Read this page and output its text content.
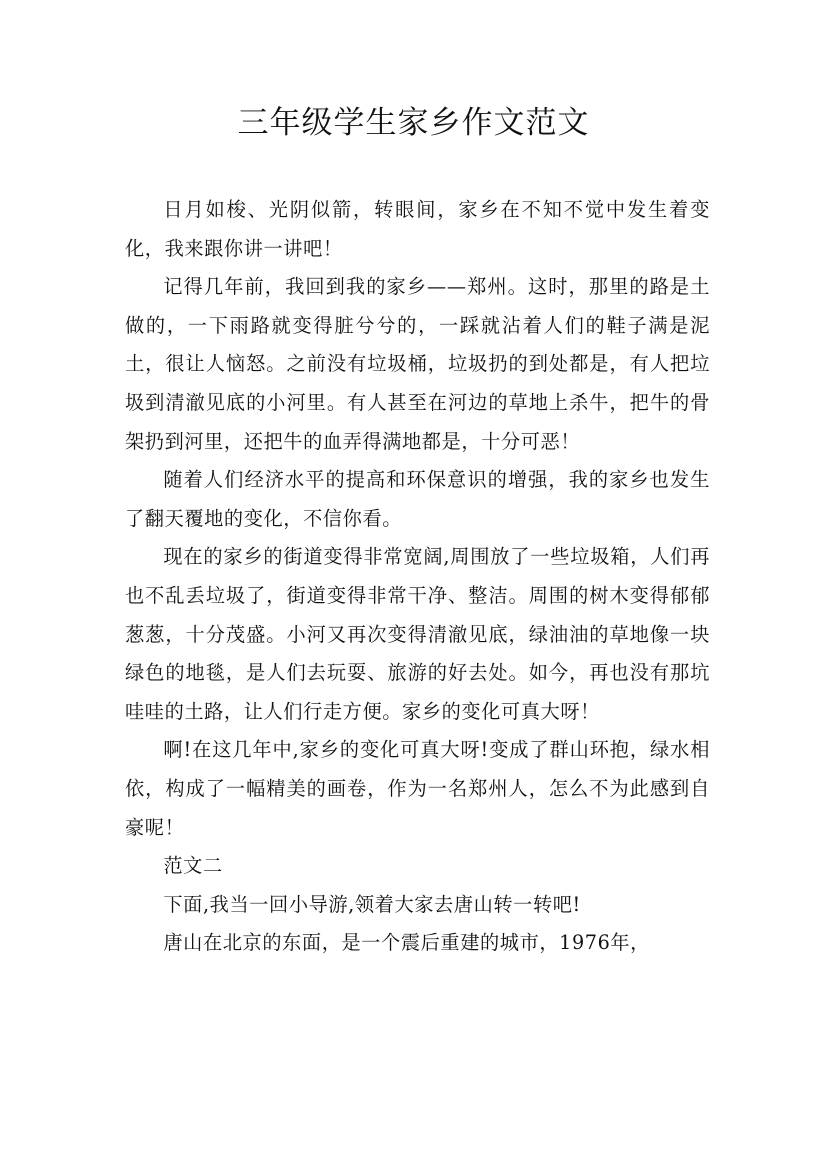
三年级学生家乡作文范文

日月如梭、光阴似箭，转眼间，家乡在不知不觉中发生着变化，我来跟你讲一讲吧！

记得几年前，我回到我的家乡——郑州。这时，那里的路是土做的，一下雨路就变得脏兮兮的，一踩就沾着人们的鞋子满是泥土，很让人恼怒。之前没有垃圾桶，垃圾扔的到处都是，有人把垃圾到清澈见底的小河里。有人甚至在河边的草地上杀牛，把牛的骨架扔到河里，还把牛的血弄得满地都是，十分可恶！

随着人们经济水平的提高和环保意识的增强，我的家乡也发生了翻天覆地的变化，不信你看。

现在的家乡的街道变得非常宽阔,周围放了一些垃圾箱，人们再也不乱丢垃圾了，街道变得非常干净、整洁。周围的树木变得郁郁葱葱，十分茂盛。小河又再次变得清澈见底，绿油油的草地像一块绿色的地毯，是人们去玩耍、旅游的好去处。如今，再也没有那坑哇哇的土路，让人们行走方便。家乡的变化可真大呀！

啊!在这几年中,家乡的变化可真大呀!变成了群山环抱，绿水相依，构成了一幅精美的画卷，作为一名郑州人，怎么不为此感到自豪呢！

范文二

下面,我当一回小导游,领着大家去唐山转一转吧!

唐山在北京的东面，是一个震后重建的城市，1976年，
